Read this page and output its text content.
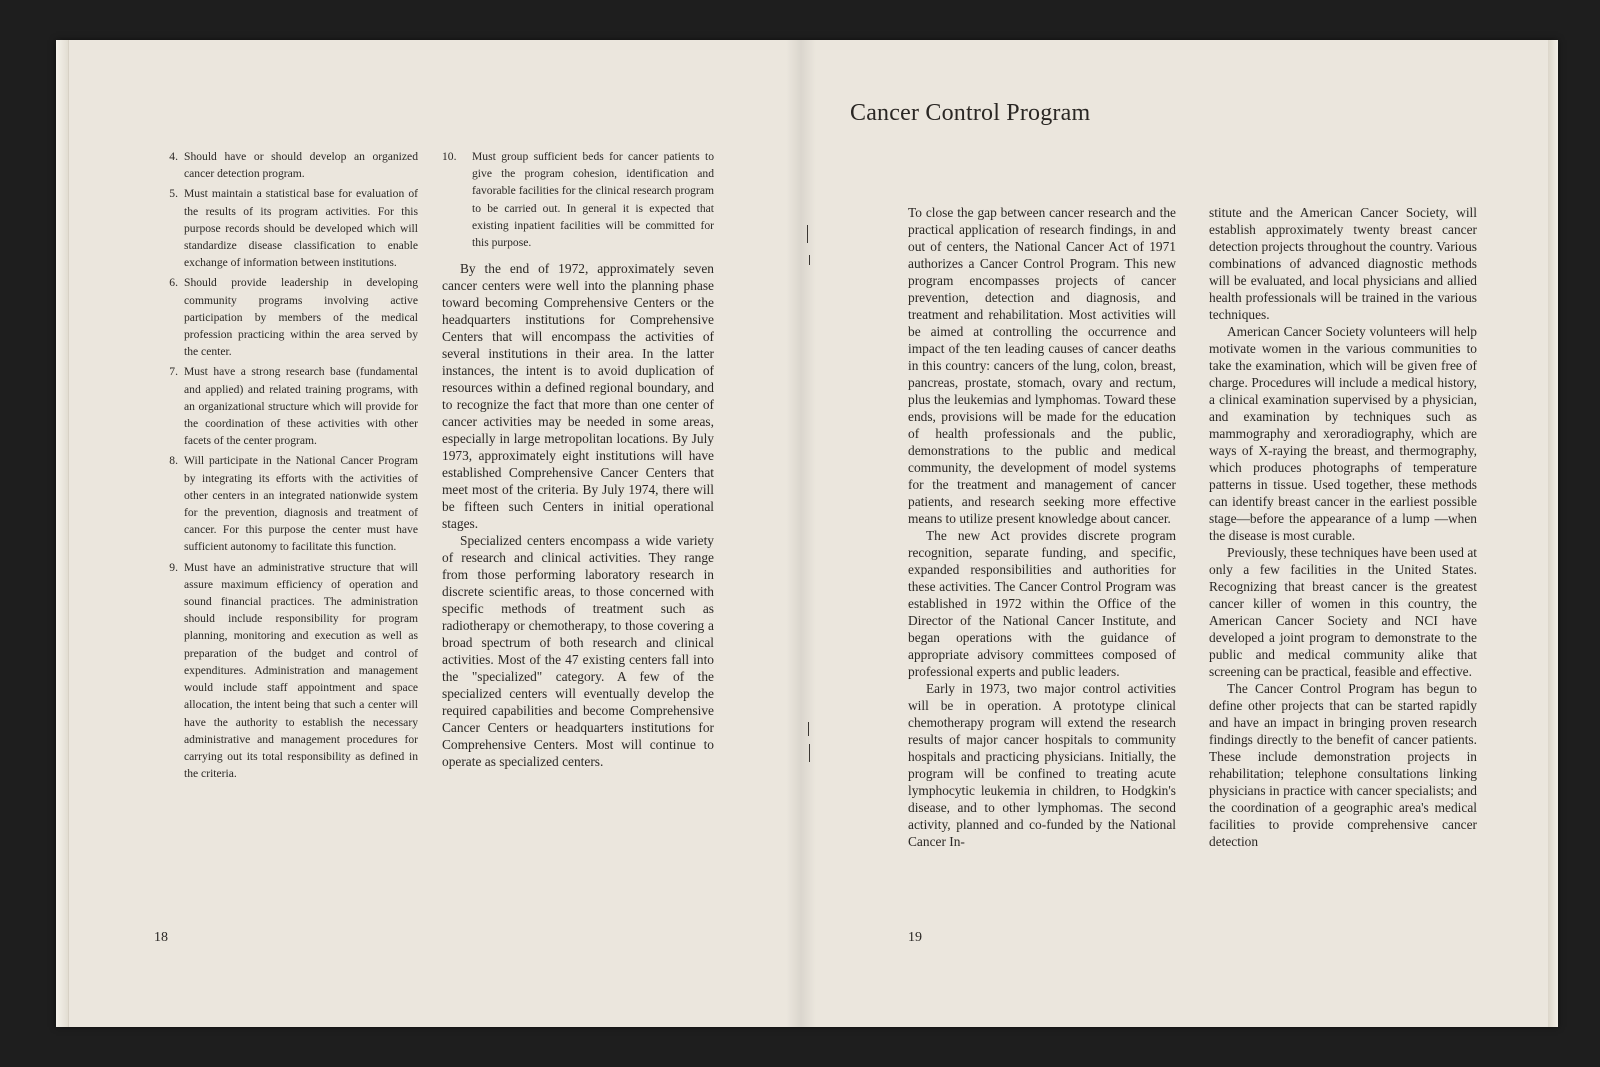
4. Should have or should develop an organized cancer detection program.
5. Must maintain a statistical base for evaluation of the results of its program activities. For this purpose records should be developed which will standardize disease classification to enable exchange of information between institutions.
6. Should provide leadership in developing community programs involving active participation by members of the medical profession practicing within the area served by the center.
7. Must have a strong research base (fundamental and applied) and related training programs, with an organizational structure which will provide for the coordination of these activities with other facets of the center program.
8. Will participate in the National Cancer Program by integrating its efforts with the activities of other centers in an integrated nationwide system for the prevention, diagnosis and treatment of cancer. For this purpose the center must have sufficient autonomy to facilitate this function.
9. Must have an administrative structure that will assure maximum efficiency of operation and sound financial practices. The administration should include responsibility for program planning, monitoring and execution as well as preparation of the budget and control of expenditures. Administration and management would include staff appointment and space allocation, the intent being that such a center will have the authority to establish the necessary administrative and management procedures for carrying out its total responsibility as defined in the criteria.
10.	Must group sufficient beds for cancer patients to give the program cohesion, identification and favorable facilities for the clinical research program to be carried out. In general it is expected that existing inpatient facilities will be committed for this purpose.

By the end of 1972, approximately seven cancer centers were well into the planning phase toward becoming Comprehensive Centers or the headquarters institutions for Comprehensive Centers that will encompass the activities of several institutions in their area. In the latter instances, the intent is to avoid duplication of resources within a defined regional boundary, and to recognize the fact that more than one center of cancer activities may be needed in some areas, especially in large metropolitan locations. By July 1973, approximately eight institutions will have established Comprehensive Cancer Centers that meet most of the criteria. By July 1974, there will be fifteen such Centers in initial operational stages.

Specialized centers encompass a wide variety of research and clinical activities. They range from those performing laboratory research in discrete scientific areas, to those concerned with specific methods of treatment such as radiotherapy or chemotherapy, to those covering a broad spectrum of both research and clinical activities. Most of the 47 existing centers fall into the "specialized" category. A few of the specialized centers will eventually develop the required capabilities and become Comprehensive Cancer Centers or headquarters institutions for Comprehensive Centers. Most will continue to operate as specialized centers.

18
Cancer Control Program

To close the gap between cancer research and the practical application of research findings, in and out of centers, the National Cancer Act of 1971 authorizes a Cancer Control Program. This new program encompasses projects of cancer prevention, detection and diagnosis, and treatment and rehabilitation. Most activities will be aimed at controlling the occurrence and impact of the ten leading causes of cancer deaths in this country: cancers of the lung, colon, breast, pancreas, prostate, stomach, ovary and rectum, plus the leukemias and lymphomas. Toward these ends, provisions will be made for the education of health professionals and the public, demonstrations to the public and medical community, the development of model systems for the treatment and management of cancer patients, and research seeking more effective means to utilize present knowledge about cancer.

The new Act provides discrete program recognition, separate funding, and specific, expanded responsibilities and authorities for these activities. The Cancer Control Program was established in 1972 within the Office of the Director of the National Cancer Institute, and began operations with the guidance of appropriate advisory committees composed of professional experts and public leaders.

Early in 1973, two major control activities will be in operation. A prototype clinical chemotherapy program will extend the research results of major cancer hospitals to community hospitals and practicing physicians. Initially, the program will be confined to treating acute lymphocytic leukemia in children, to Hodgkin's disease, and to other lymphomas. The second activity, planned and co-funded by the National Cancer In-

stitute and the American Cancer Society, will establish approximately twenty breast cancer detection projects throughout the country. Various combinations of advanced diagnostic methods will be evaluated, and local physicians and allied health professionals will be trained in the various techniques.

American Cancer Society volunteers will help motivate women in the various communities to take the examination, which will be given free of charge. Procedures will include a medical history, a clinical examination supervised by a physician, and examination by techniques such as mammography and xeroradiography, which are ways of X-raying the breast, and thermography, which produces photographs of temperature patterns in tissue. Used together, these methods can identify breast cancer in the earliest possible stage—before the appearance of a lump —when the disease is most curable.

Previously, these techniques have been used at only a few facilities in the United States. Recognizing that breast cancer is the greatest cancer killer of women in this country, the American Cancer Society and NCI have developed a joint program to demonstrate to the public and medical community alike that screening can be practical, feasible and effective.

The Cancer Control Program has begun to define other projects that can be started rapidly and have an impact in bringing proven research findings directly to the benefit of cancer patients. These include demonstration projects in rehabilitation; telephone consultations linking physicians in practice with cancer specialists; and the coordination of a geographic area's medical facilities to provide comprehensive cancer detection

19
